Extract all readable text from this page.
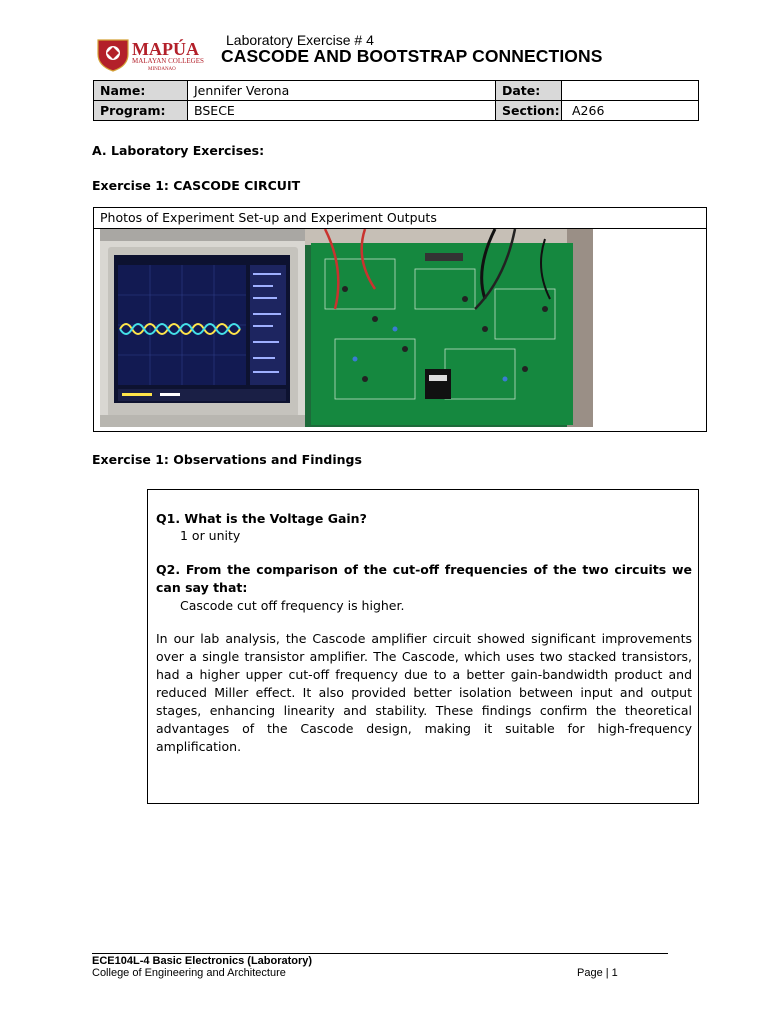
MAPÚA
MALAYAN COLLEGES
MINDANAO
Laboratory Exercise # 4
CASCODE AND BOOTSTRAP CONNECTIONS
Name:	Jennifer Verona	Date:	
Program:	BSECE	Section:	A266
A. Laboratory Exercises:
Exercise 1: CASCODE CIRCUIT
Photos of Experiment Set-up and Experiment Outputs
Exercise 1: Observations and Findings
Q1. What is the Voltage Gain?
1 or unity
Q2. From the comparison of the cut-off frequencies of the two circuits we can say that:
Cascode cut off frequency is higher.
In our lab analysis, the Cascode amplifier circuit showed significant improvements over a single transistor amplifier. The Cascode, which uses two stacked transistors, had a higher upper cut-off frequency due to a better gain-bandwidth product and reduced Miller effect. It also provided better isolation between input and output stages, enhancing linearity and stability. These findings confirm the theoretical advantages of the Cascode design, making it suitable for high-frequency amplification.
ECE104L-4 Basic Electronics (Laboratory)
College of Engineering and Architecture	Page | 1
